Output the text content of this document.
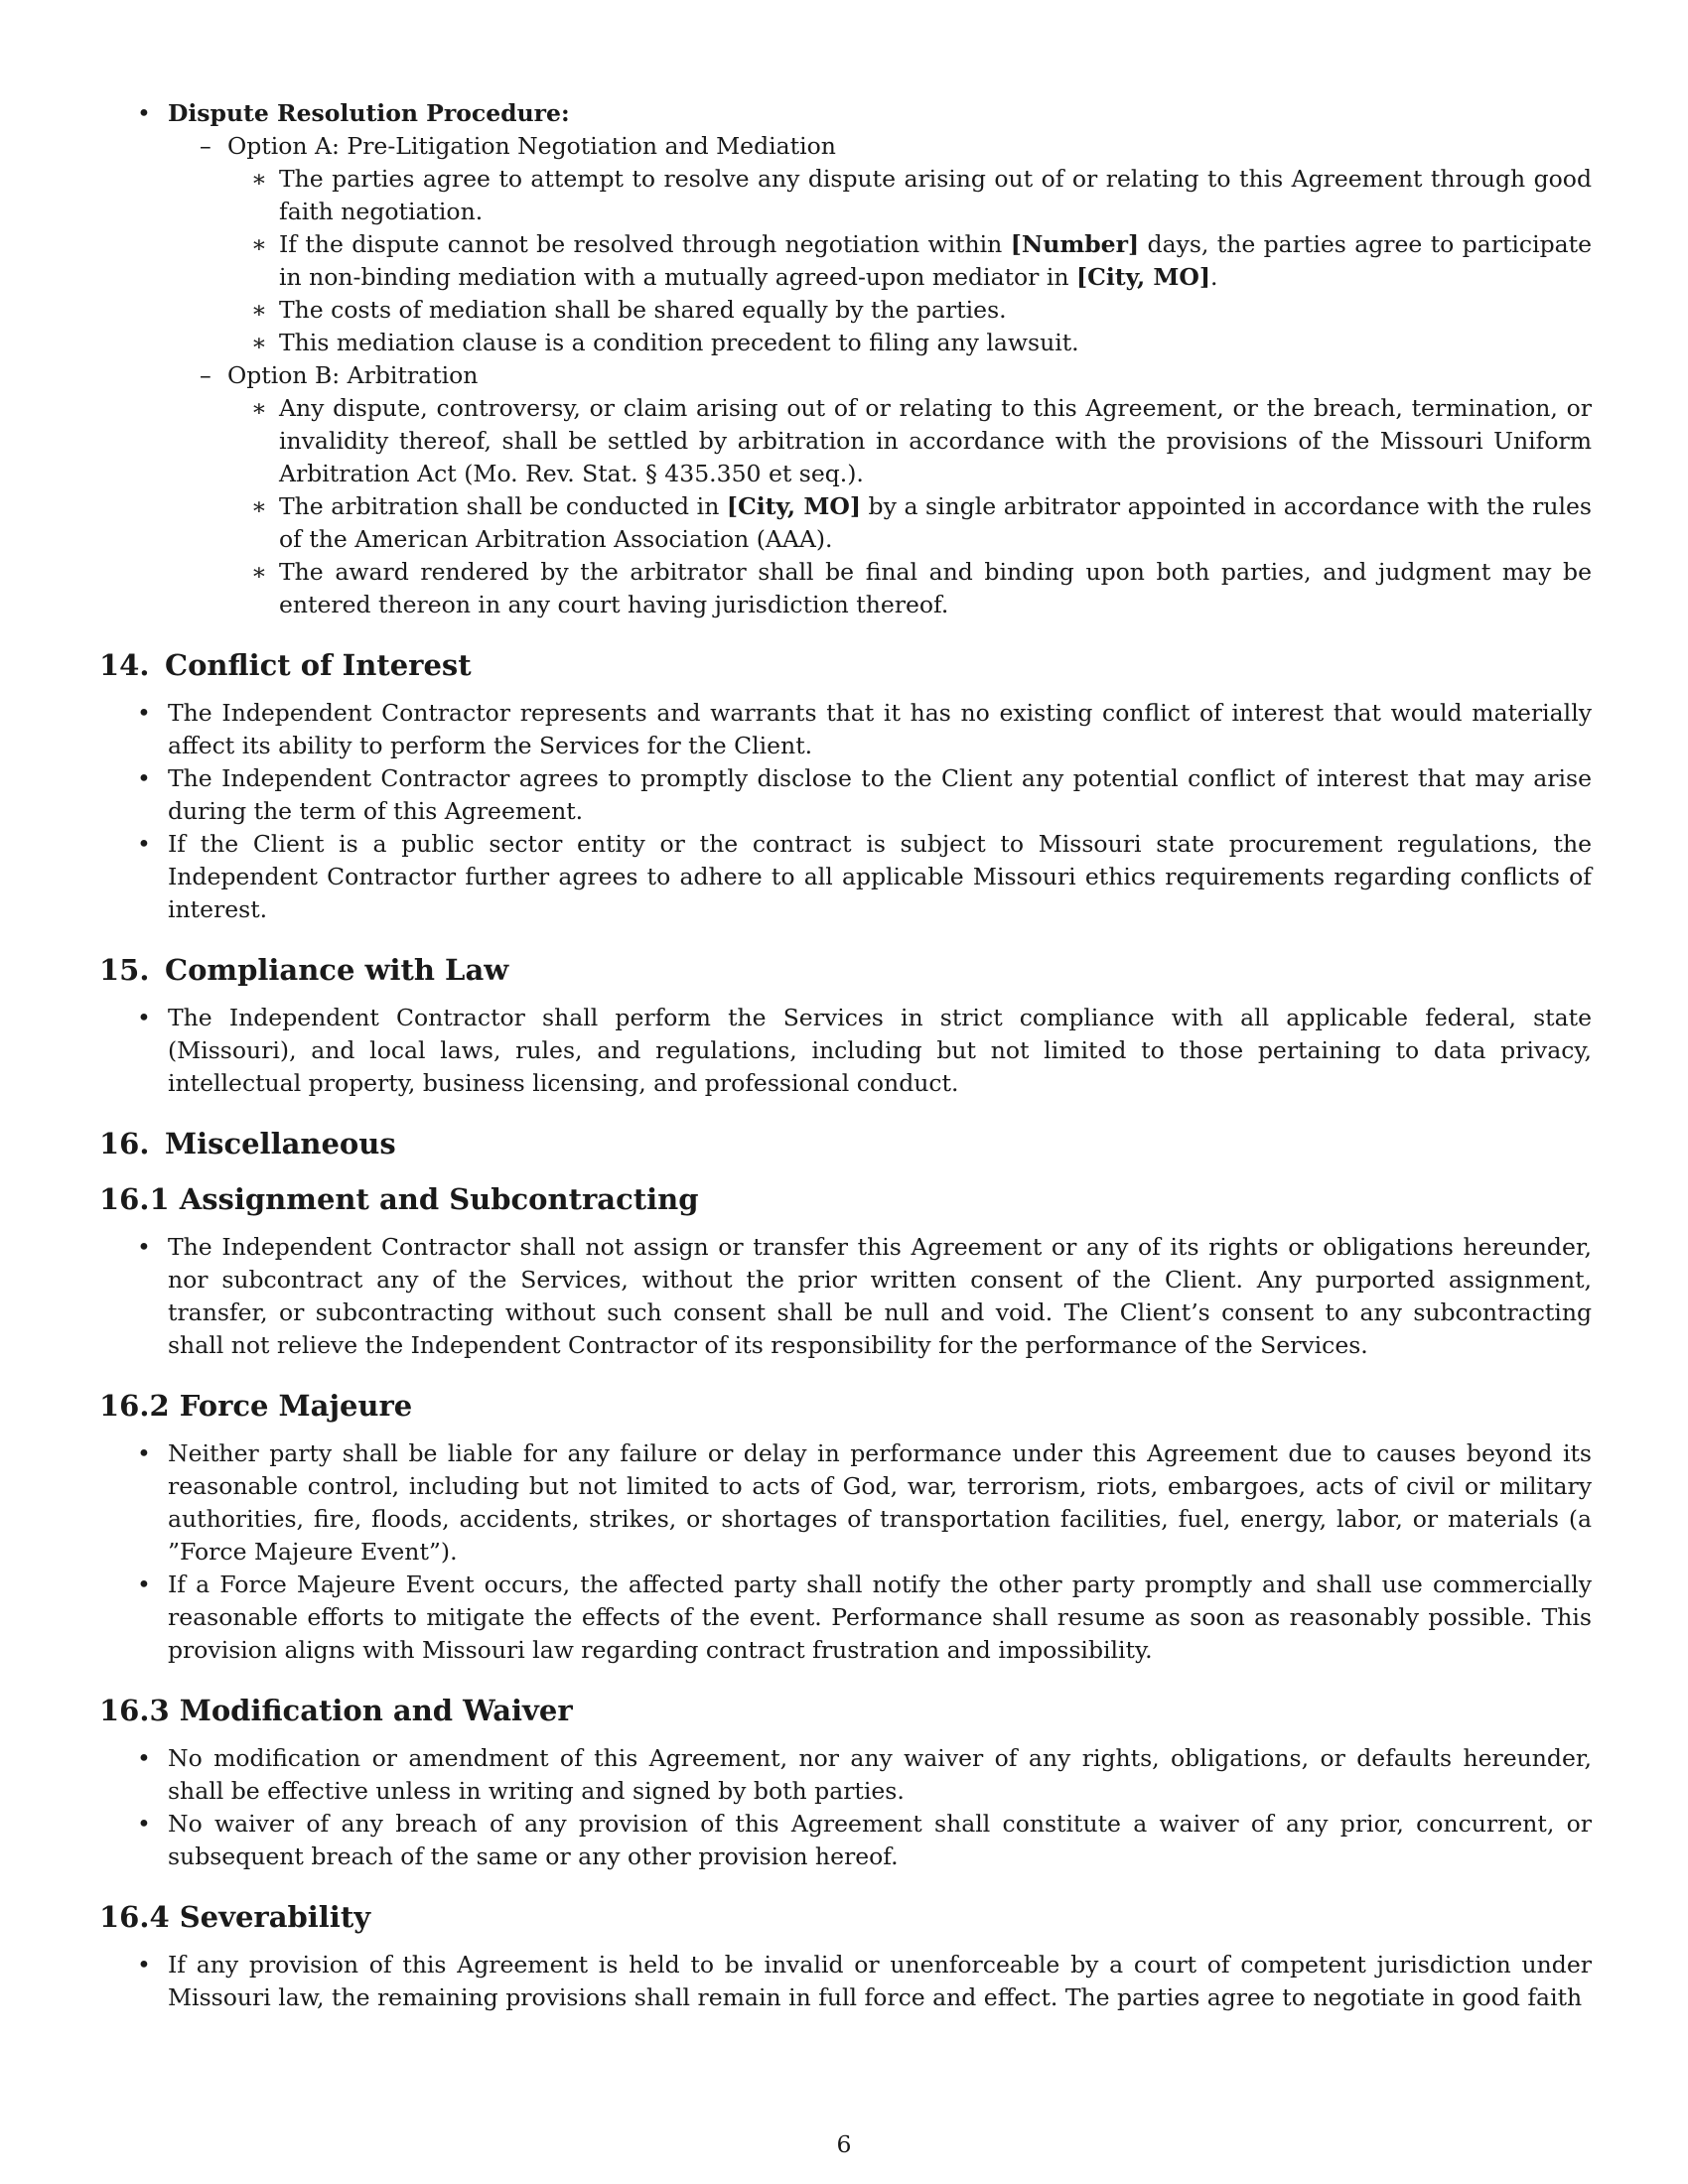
• Dispute Resolution Procedure:
– Option A: Pre-Litigation Negotiation and Mediation
∗ The parties agree to attempt to resolve any dispute arising out of or relating to this Agreement through good faith negotiation.
∗ If the dispute cannot be resolved through negotiation within [Number] days, the parties agree to participate in non-binding mediation with a mutually agreed-upon mediator in [City, MO].
∗ The costs of mediation shall be shared equally by the parties.
∗ This mediation clause is a condition precedent to filing any lawsuit.
– Option B: Arbitration
∗ Any dispute, controversy, or claim arising out of or relating to this Agreement, or the breach, termination, or invalidity thereof, shall be settled by arbitration in accordance with the provisions of the Missouri Uniform Arbitration Act (Mo. Rev. Stat. § 435.350 et seq.).
∗ The arbitration shall be conducted in [City, MO] by a single arbitrator appointed in accordance with the rules of the American Arbitration Association (AAA).
∗ The award rendered by the arbitrator shall be final and binding upon both parties, and judgment may be entered thereon in any court having jurisdiction thereof.
14. Conflict of Interest
• The Independent Contractor represents and warrants that it has no existing conflict of interest that would materially affect its ability to perform the Services for the Client.
• The Independent Contractor agrees to promptly disclose to the Client any potential conflict of interest that may arise during the term of this Agreement.
• If the Client is a public sector entity or the contract is subject to Missouri state procurement regulations, the Independent Contractor further agrees to adhere to all applicable Missouri ethics requirements regarding conflicts of interest.
15. Compliance with Law
• The Independent Contractor shall perform the Services in strict compliance with all applicable federal, state (Missouri), and local laws, rules, and regulations, including but not limited to those pertaining to data privacy, intellectual property, business licensing, and professional conduct.
16. Miscellaneous
16.1 Assignment and Subcontracting
• The Independent Contractor shall not assign or transfer this Agreement or any of its rights or obligations hereunder, nor subcontract any of the Services, without the prior written consent of the Client. Any purported assignment, transfer, or subcontracting without such consent shall be null and void. The Client’s consent to any subcontracting shall not relieve the Independent Contractor of its responsibility for the performance of the Services.
16.2 Force Majeure
• Neither party shall be liable for any failure or delay in performance under this Agreement due to causes beyond its reasonable control, including but not limited to acts of God, war, terrorism, riots, embargoes, acts of civil or military authorities, fire, floods, accidents, strikes, or shortages of transportation facilities, fuel, energy, labor, or materials (a ”Force Majeure Event”).
• If a Force Majeure Event occurs, the affected party shall notify the other party promptly and shall use commercially reasonable efforts to mitigate the effects of the event. Performance shall resume as soon as reasonably possible. This provision aligns with Missouri law regarding contract frustration and impossibility.
16.3 Modification and Waiver
• No modification or amendment of this Agreement, nor any waiver of any rights, obligations, or defaults hereunder, shall be effective unless in writing and signed by both parties.
• No waiver of any breach of any provision of this Agreement shall constitute a waiver of any prior, concurrent, or subsequent breach of the same or any other provision hereof.
16.4 Severability
• If any provision of this Agreement is held to be invalid or unenforceable by a court of competent jurisdiction under Missouri law, the remaining provisions shall remain in full force and effect. The parties agree to negotiate in good faith
6
